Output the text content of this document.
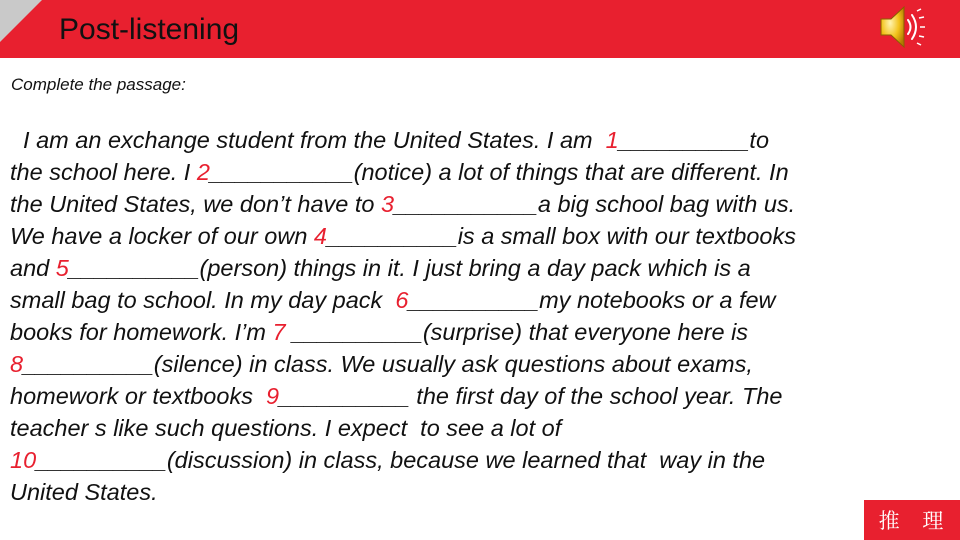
Post-listening
Complete the passage:
I am an exchange student from the United States. I am  1__________to
the school here. I 2___________(notice) a lot of things that are different. In
the United States, we don’t have to 3___________a big school bag with us.
We have a locker of our own 4__________is a small box with our textbooks
and 5__________(person) things in it. I just bring a day pack which is a
small bag to school. In my day pack  6__________my notebooks or a few
books for homework. I’m 7 __________(surprise) that everyone here is
8__________(silence) in class. We usually ask questions about exams,
homework or textbooks  9__________ the first day of the school year. The
teacher s like such questions. I expect  to see a lot of
10__________(discussion) in class, because we learned that  way in the
United States.
推 理
